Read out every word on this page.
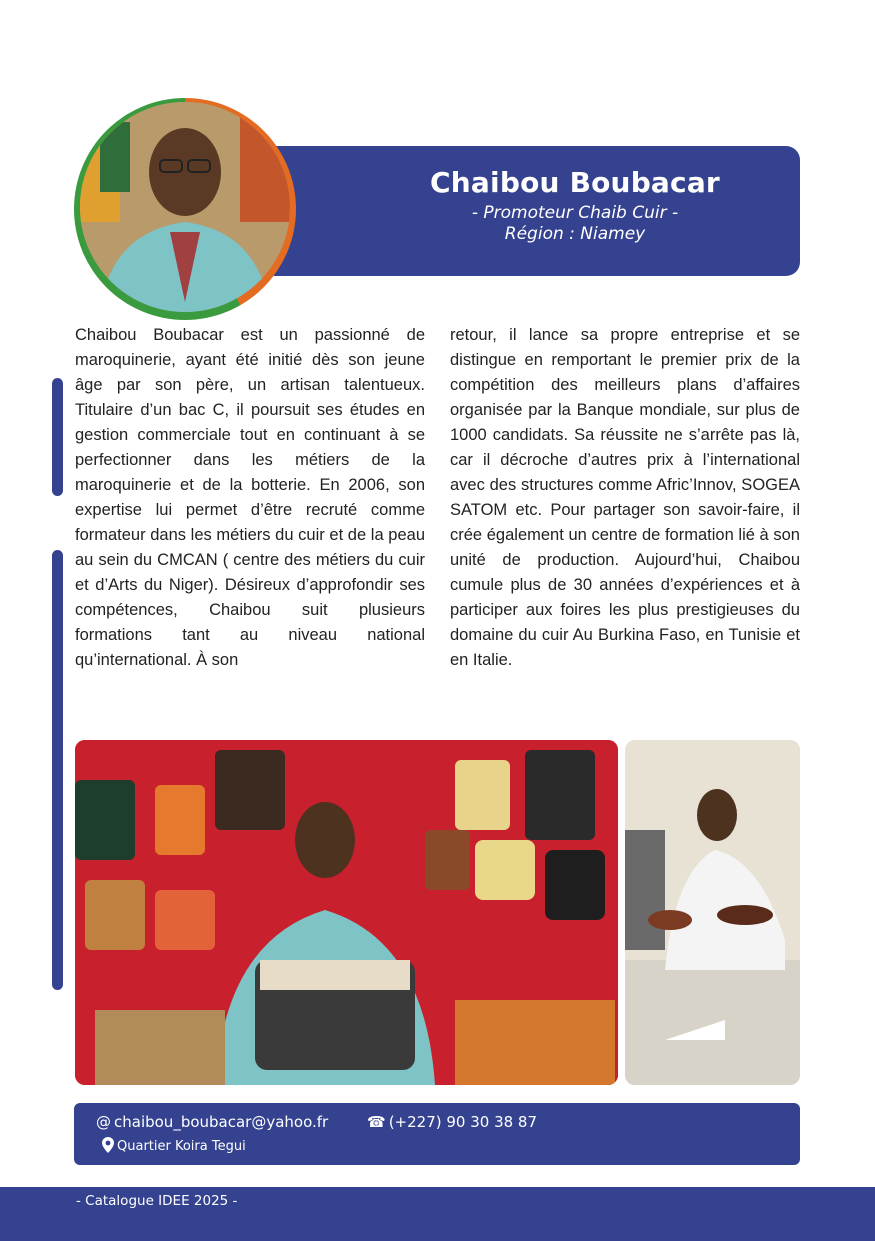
Chaibou Boubacar
- Promoteur Chaib Cuir -
Région : Niamey
Chaibou Boubacar est un passionné de maroquinerie, ayant été initié dès son jeune âge par son père, un artisan talentueux. Titulaire d’un bac C, il poursuit ses études en gestion commerciale tout en continuant à se perfectionner dans les métiers de la maroquinerie et de la botterie. En 2006, son expertise lui permet d’être recruté comme formateur dans les métiers du cuir et de la peau au sein du CMCAN ( centre des métiers du cuir et d’Arts du Niger). Désireux d’approfondir ses compétences, Chaibou suit plusieurs formations tant au niveau national qu’international. À son
retour, il lance sa propre entreprise et se distingue en remportant le premier prix de la compétition des meilleurs plans d’affaires organisée par la Banque mondiale, sur plus de 1000 candidats. Sa réussite ne s’arrête pas là, car il décroche d’autres prix à l’international avec des structures comme Afric’Innov, SOGEA SATOM etc. Pour partager son savoir-faire, il crée également un centre de formation lié à son unité de production. Aujourd’hui, Chaibou cumule plus de 30 années d’expériences et à participer aux foires les plus prestigieuses du domaine du cuir Au Burkina Faso, en Tunisie et en Italie.
@ chaibou_boubacar@yahoo.fr	☎ (+227) 90 30 38 87
Quartier Koira Tegui
- Catalogue IDEE 2025 -
